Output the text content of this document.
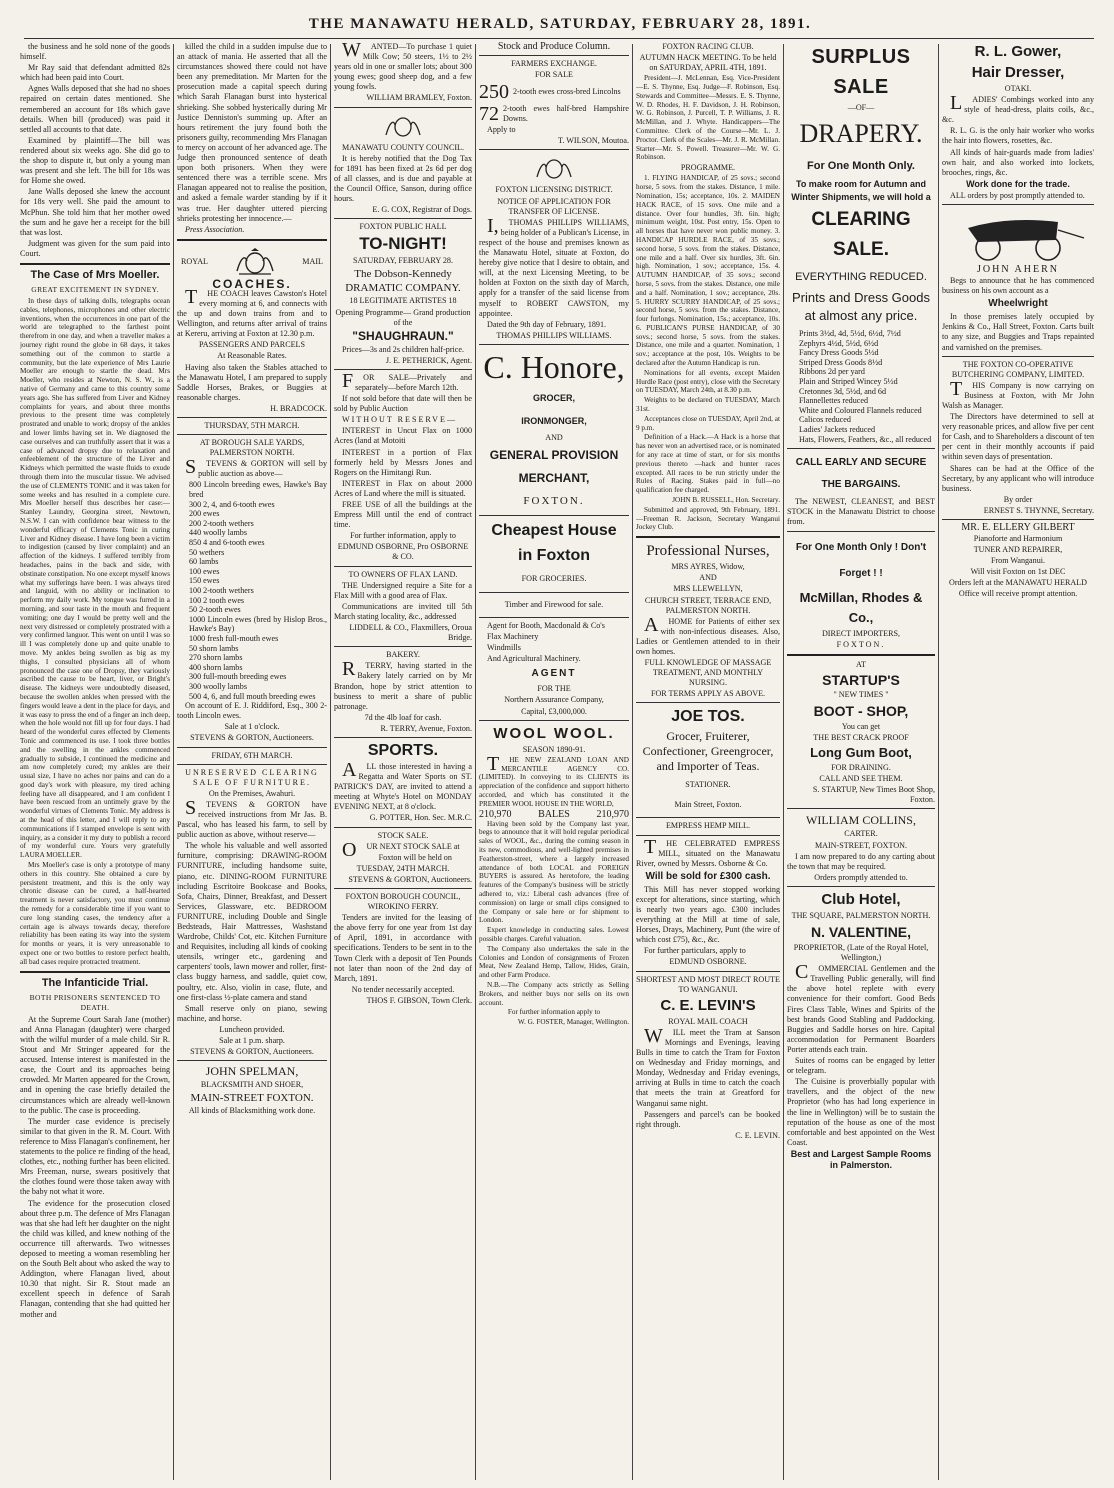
THE MANAWATU HERALD, SATURDAY, FEBRUARY 28, 1891.

the business and he sold none of the goods himself.

Mr Ray said that defendant admitted 82s which had been paid into Court.

Agnes Walls deposed that she had no shoes repaired on certain dates mentioned. She remembered an account for 18s which gave details. When bill (produced) was paid it settled all accounts to that date.

Examined by plaintiff—The bill was rendered about six weeks ago. She did go to the shop to dispute it, but only a young man was present and she left. The bill for 18s was for Home she owed.

Jane Walls deposed she knew the account for 18s very well. She paid the amount to McPhun. She told him that her mother owed the sum and he gave her a receipt for the bill that was lost.

Judgment was given for the sum paid into Court.

The Case of Mrs Moeller.
GREAT EXCITEMENT IN SYDNEY.

In these days of talking dolls, telegraphs ocean cables, telephones, microphones and other electric inventions, when the occurrences in one part of the world are telegraphed to the farthest point therefrom in one day, and when a traveller makes a journey right round the globe in 68 days, it takes something out of the common to startle a community, but the late experience of Mrs Laurie Moeller are enough to startle the dead. Mrs Moeller, who resides at Newton, N. S. W., is a native of Germany and came to this country some years ago. She has suffered from Liver and Kidney complaints for years, and about three months previous to the present time was completely prostrated and unable to work; dropsy of the ankles and lower limbs having set in. We diagnosed the case ourselves and can truthfully assert that it was a case of advanced dropsy due to relaxation and enfeeblement of the structure of the Liver and Kidneys which permitted the waste fluids to exude through them into the muscular tissue. We advised the use of CLEMENTS TONIC and it was taken for some weeks and has resulted in a complete cure. Mrs Moeller herself thus describes her case:— Stanley Laundry, Georgina street, Newtown, N.S.W. I can with confidence bear witness to the wonderful efficacy of Clements Tonic in curing Liver and Kidney disease. I have long been a victim to indigestion (caused by liver complaint) and an affection of the kidneys. I suffered terribly from headaches, pains in the back and side, with obstinate constipation. No one except myself knows what my sufferings have been. I was always tired and languid, with no ability or inclination to perform my daily work. My tongue was furred in a morning, and sour taste in the mouth and frequent vomiting; one day I would be pretty well and the next very distressed or completely prostrated with a very confirmed languor. This went on until I was so ill I was completely done up and quite unable to move. My ankles being swollen as big as my thighs, I consulted physicians all of whom pronounced the case one of Dropsy, they variously ascribed the cause to be heart, liver, or Bright's disease. The kidneys were undoubtedly diseased, because the swollen ankles when pressed with the fingers would leave a dent in the place for days, and it was easy to press the end of a finger an inch deep, when the hole would not fill up for four days. I had heard of the wonderful cures effected by Clements Tonic and commenced its use. I took three bottles and the swelling in the ankles commenced gradually to subside, I continued the medicine and am now completely cured; my ankles are their usual size, I have no aches nor pains and can do a good day's work with pleasure, my tired aching feeling have all disappeared, and I am confident I have been rescued from an untimely grave by the wonderful virtues of Clements Tonic. My address is at the head of this letter, and I will reply to any communications if I stamped envelope is sent with inquiry, as a consider it my duty to publish a record of my wonderful cure. Yours very gratefully LAURA MOELLER.

Mrs Moeller's case is only a prototype of many others in this country. She obtained a cure by persistent treatment, and this is the only way chronic disease can be cured, a half-hearted treatment is never satisfactory, you must continue the remedy for a considerable time if you want to cure long standing cases, the tendency after a certain age is always towards decay, therefore reliability has been eating its way into the system for months or years, it is very unreasonable to expect one or two bottles to restore perfect health, all bad cases require protracted treatment.

The Infanticide Trial.
BOTH PRISONERS SENTENCED TO DEATH.

At the Supreme Court Sarah Jane (mother) and Anna Flanagan (daughter) were charged with the wilful murder of a male child. Sir R. Stout and Mr Stringer appeared for the accused. Intense interest is manifested in the case, the Court and its approaches being crowded. Mr Marten appeared for the Crown, and in opening the case briefly detailed the circumstances which are already well-known to the public. The case is proceeding.

The murder case evidence is precisely similar to that given in the R. M. Court. With reference to Miss Flanagan's confinement, her statements to the police re finding of the head, clothes, etc., nothing further has been elicited. Mrs Freeman, nurse, swears positively that the clothes found were those taken away with the baby not what it wore.

The evidence for the prosecution closed about three p.m. The defence of Mrs Flanagan was that she had left her daughter on the night the child was killed, and knew nothing of the occurrence till afterwards. Two witnesses deposed to meeting a woman resembling her on the South Belt about who asked the way to Addington, where Flanagan lived, about 10.30 that night. Sir R. Stout made an excellent speech in defence of Sarah Flanagan, contending that she had quitted her mother and

killed the child in a sudden impulse due to an attack of mania. He asserted that all the circumstances showed there could not have been any premeditation. Mr Marten for the prosecution made a capital speech during which Sarah Flanagan burst into hysterical shrieking. She sobbed hysterically during Mr Justice Denniston's summing up. After an hours retirement the jury found both the prisoners guilty, recommending Mrs Flanagan to mercy on account of her advanced age. The Judge then pronounced sentence of death upon both prisoners. When they were sentenced there was a terrible scene. Mrs Flanagan appeared not to realise the position, and asked a female warder standing by if it was true. Her daughter uttered piercing shrieks protesting her innocence.—

Press Association.

ROYAL	MAIL
COACHES.

THE COACH leaves Cawston's Hotel every morning at 6, and connects with the up and down trains from and to Wellington, and returns after arrival of trains at Kereru, arriving at Foxton at 12.30 p.m.

PASSENGERS AND PARCELS

At Reasonable Rates.

Having also taken the Stables attached to the Manawatu Hotel, I am prepared to supply Saddle Horses, Brakes, or Buggies at reasonable charges.

H. BRADCOCK.

THURSDAY, 5TH MARCH.

AT BOROUGH SALE YARDS, PALMERSTON NORTH.

STEVENS & GORTON will sell by public auction as above—

800 Lincoln breeding ewes, Hawke's Bay bred
300 2, 4, and 6-tooth ewes
200 ewes
200 2-tooth wethers
440 woolly lambs
850 4 and 6-tooth ewes
50 wethers
60 lambs
100 ewes
150 ewes
100 2-tooth wethers
100 2 tooth ewes
50 2-tooth ewes
1000 Lincoln ewes (bred by Hislop Bros., Hawke's Bay)
1000 fresh full-mouth ewes
50 shorn lambs
270 shorn lambs
400 shorn lambs
300 full-mouth breeding ewes
300 woolly lambs
500 4, 6, and full mouth breeding ewes

On account of E. J. Riddiford, Esq., 300 2-tooth Lincoln ewes.

Sale at 1 o'clock.

STEVENS & GORTON, Auctioneers.

FRIDAY, 6TH MARCH.

UNRESERVED CLEARING SALE OF FURNITURE.

On the Premises, Awahuri.

STEVENS & GORTON have received instructions from Mr Jas. B. Pascal, who has leased his farm, to sell by public auction as above, without reserve—

The whole his valuable and well assorted furniture, comprising: DRAWING-ROOM FURNITURE, including handsome suite, piano, etc. DINING-ROOM FURNITURE including Escritoire Bookcase and Books, Sofa, Chairs, Dinner, Breakfast, and Dessert Services, Glassware, etc. BEDROOM FURNITURE, including Double and Single Bedsteads, Hair Mattresses, Washstand Wardrobe, Childs' Cot, etc. Kitchen Furniture and Requisites, including all kinds of cooking utensils, wringer etc., gardening and carpenters' tools, lawn mower and roller, first-class buggy harness, and saddle, quiet cow, poultry, etc. Also, violin in case, flute, and one first-class ½-plate camera and stand

Small reserve only on piano, sewing machine, and horse.

Luncheon provided.

Sale at 1 p.m. sharp.

STEVENS & GORTON, Auctioneers.

JOHN SPELMAN,

BLACKSMITH AND SHOER,

MAIN-STREET FOXTON.

All kinds of Blacksmithing work done.

WANTED—To purchase 1 quiet Milk Cow; 50 steers, 1½ to 2½ years old in one or smaller lots; about 300 young ewes; good sheep dog, and a few young fowls.

WILLIAM BRAMLEY, Foxton.

MANAWATU COUNTY COUNCIL.

It is hereby notified that the Dog Tax for 1891 has been fixed at 2s 6d per dog of all classes, and is due and payable at the Council Office, Sanson, during office hours.

E. G. COX, Registrar of Dogs.

FOXTON PUBLIC HALL

TO-NIGHT!

SATURDAY, FEBRUARY 28.

The Dobson-Kennedy DRAMATIC COMPANY.

18 LEGITIMATE ARTISTES 18

Opening Programme— Grand production of the

"SHAUGHRAUN."

Prices—3s and 2s children half-price.

J. E. PETHERICK, Agent.

FOR SALE—Privately and separately—before March 12th.

If not sold before that date will then be sold by Public Auction

WITHOUT RESERVE—

INTEREST in Uncut Flax on 1000 Acres (land at Motoiti

INTEREST in a portion of Flax formerly held by Messrs Jones and Rogers on the Himitangi Run.

INTEREST in Flax on about 2000 Acres of Land where the mill is situated.

FREE USE of all the buildings at the Empress Mill until the end of contract time.

For further information, apply to

EDMUND OSBORNE, Pro OSBORNE & CO.

TO OWNERS OF FLAX LAND.

THE Undersigned require a Site for a Flax Mill with a good area of Flax.

Communications are invited till 5th March stating locality, &c., addressed

LIDDELL & CO., Flaxmillers, Oroua Bridge.

BAKERY.

RTERRY, having started in the Bakery lately carried on by Mr Brandon, hope by strict attention to business to merit a share of public patronage.

7d the 4lb loaf for cash.

R. TERRY, Avenue, Foxton.

SPORTS.

ALL those interested in having a Regatta and Water Sports on ST. PATRICK'S DAY, are invited to attend a meeting at Whyte's Hotel on MONDAY EVENING NEXT, at 8 o'clock.

G. POTTER, Hon. Sec. M.R.C.

STOCK SALE.

OUR NEXT STOCK SALE at

Foxton will be held on

TUESDAY, 24TH MARCH.

STEVENS & GORTON, Auctioneers.

FOXTON BOROUGH COUNCIL, WIROKINO FERRY.

Tenders are invited for the leasing of the above ferry for one year from 1st day of April, 1891, in accordance with specifications. Tenders to be sent in to the Town Clerk with a deposit of Ten Pounds not later than noon of the 2nd day of March, 1891.

No tender necessarily accepted.

THOS F. GIBSON, Town Clerk.

Stock and Produce Column.

FARMERS EXCHANGE.

FOR SALE

250 2-tooth ewes cross-bred Lincolns
72 2-tooth ewes half-bred Hampshire Downs.

Apply to

T. WILSON, Moutoa.

FOXTON LICENSING DISTRICT.

NOTICE OF APPLICATION FOR TRANSFER OF LICENSE.

I,THOMAS PHILLIPS WILLIAMS, being holder of a Publican's License, in respect of the house and premises known as the Manawatu Hotel, situate at Foxton, do hereby give notice that I desire to obtain, and will, at the next Licensing Meeting, to be holden at Foxton on the sixth day of March, apply for a transfer of the said license from myself to ROBERT CAWSTON, my appointee.

Dated the 9th day of February, 1891.

THOMAS PHILLIPS WILLIAMS.

C. Honore,

GROCER,

IRONMONGER,

AND

GENERAL PROVISION

MERCHANT,

FOXTON.

Cheapest House

in Foxton

FOR GROCERIES.

Timber and Firewood for sale.

Agent for Booth, Macdonald & Co's

Flax Machinery

Windmills

And Agricultural Machinery.

AGENT

FOR THE

Northern Assurance Company,

Capital, £3,000,000.

WOOL WOOL.

SEASON 1890-91.

THE NEW ZEALAND LOAN AND MERCANTILE AGENCY CO. (LIMITED). In conveying to its CLIENTS its appreciation of the confidence and support hitherto accorded, and which has constituted it the PREMIER WOOL HOUSE IN THE WORLD,

210,970	BALES	210,970

Having been sold by the Company last year, begs to announce that it will hold regular periodical sales of WOOL, &c., during the coming season in its new, commodious, and well-lighted premises in Featherston-street, where a largely increased attendance of both LOCAL and FOREIGN BUYERS is assured. As heretofore, the leading features of the Company's business will be strictly adhered to, viz.: Liberal cash advances (free of commission) on large or small clips consigned to the Company or sale here or for shipment to London.

Expert knowledge in conducting sales. Lowest possible charges. Careful valuation.

The Company also undertakes the sale in the Colonies and London of consignments of Frozen Meat, New Zealand Hemp, Tallow, Hides, Grain, and other Farm Produce.

N.B.—The Company acts strictly as Selling Brokers, and neither buys nor sells on its own account.

For further information apply to

W. G. FOSTER, Manager, Wellington.

FOXTON RACING CLUB.

AUTUMN HACK MEETING. To be held on SATURDAY, APRIL 4TH, 1891.

President—J. McLennan, Esq. Vice-President—E. S. Thynne, Esq. Judge—F. Robinson, Esq. Stewards and Committee—Messrs. E. S. Thynne, W. D. Rhodes, H. F. Davidson, J. H. Robinson, W. G. Robinson, J. Purcell, T. P. Williams, J. R. McMillan, and J. Whyte. Handicappers—The Committee. Clerk of the Course—Mr. L. J. Proctor. Clerk of the Scales—Mr. J. R. McMillan. Starter—Mr. S. Powell. Treasurer—Mr. W. G. Robinson.

PROGRAMME.

1. FLYING HANDICAP, of 25 sovs.; second horse, 5 sovs. from the stakes. Distance, 1 mile. Nomination, 15s; acceptance, 10s. 2. MAIDEN HACK RACE, of 15 sovs. One mile and a distance. Over four hundles, 3ft. 6in. high; minimum weight, 10st. Post entry, 15s. Open to all horses that have never won public money. 3. HANDICAP HURDLE RACE, of 35 sovs.; second horse, 5 sovs. from the stakes. Distance, one mile and a half. Over six hurdles, 3ft. 6in. high. Nomination, 1 sov.; acceptance, 15s. 4. AUTUMN HANDICAP, of 35 sovs.; second horse, 5 sovs. from the stakes. Distance, one mile and a half. Nomination, 1 sov.; acceptance, 20s. 5. HURRY SCURRY HANDICAP, of 25 sovs.; second horse, 5 sovs. from the stakes. Distance, four furlongs. Nomination, 15s.; acceptance, 10s. 6. PUBLICAN'S PURSE HANDICAP, of 30 sovs.; second horse, 5 sovs. from the stakes. Distance, one mile and a quarter. Nomination, 1 sov.; acceptance at the post, 10s. Weights to be declared after the Autumn Handicap is run.

Nominations for all events, except Maiden Hurdle Race (post entry), close with the Secretary on TUESDAY, March 24th, at 8.30 p.m.

Weights to be declared on TUESDAY, March 31st.

Acceptances close on TUESDAY, April 2nd, at 9 p.m.

Definition of a Hack.—A Hack is a horse that has never won an advertised race, or is nominated for any race at time of start, or for six months previous thereto —hack and hunter races excepted. All races to be run strictly under the Rules of Racing. Stakes paid in full—no qualification fee charged.

JOHN B. RUSSELL, Hon. Secretary.

Submitted and approved, 9th February, 1891.—Freeman R. Jackson, Secretary Wanganui Jockey Club.

Professional Nurses,

MRS AYRES, Widow,

AND

MRS LLEWELLYN,

CHURCH STREET, TERRACE END, PALMERSTON NORTH.

AHOME for Patients of either sex with non-infectious diseases. Also, Ladies or Gentlemen attended to in their own homes.

FULL KNOWLEDGE OF MASSAGE TREATMENT, AND MONTHLY NURSING.

FOR TERMS APPLY AS ABOVE.

JOE TOS.

Grocer, Fruiterer, Confectioner, Greengrocer, and Importer of Teas.

STATIONER.

Main Street, Foxton.

EMPRESS HEMP MILL.

THE CELEBRATED EMPRESS MILL, situated on the Manawatu River, owned by Messrs. Osborne & Co.

Will be sold for £300 cash.

This Mill has never stopped working except for alterations, since starting, which is nearly two years ago. £300 includes everything at the Mill at time of sale, Horses, Drays, Machinery, Punt (the wire of which cost £75), &c., &c.

For further particulars, apply to

EDMUND OSBORNE.

SHORTEST AND MOST DIRECT ROUTE TO WANGANUI.

C. E. LEVIN'S

ROYAL MAIL COACH

WILL meet the Tram at Sanson Mornings and Evenings, leaving Bulls in time to catch the Tram for Foxton on Wednesday and Friday mornings, and Monday, Wednesday and Friday evenings, arriving at Bulls in time to catch the coach that meets the train at Greatford for Wanganui same night.

Passengers and parcel's can be booked right through.

C. E. LEVIN.

SURPLUS SALE

—OF—

DRAPERY.

For One Month Only.

To make room for Autumn and Winter Shipments, we will hold a

CLEARING SALE.

EVERYTHING REDUCED.

Prints and Dress Goods at almost any price.

Prints 3½d, 4d, 5½d, 6½d, 7½d
Zephyrs 4½d, 5½d, 6½d
Fancy Dress Goods 5½d
Striped Dress Goods 8½d
Ribbons 2d per yard
Plain and Striped Wincey 5½d
Cretonnes 3d, 5½d, and 6d
Flannellettes reduced
White and Coloured Flannels reduced
Calicos reduced
Ladies' Jackets reduced
Hats, Flowers, Feathers, &c., all reduced

CALL EARLY AND SECURE THE BARGAINS.

The NEWEST, CLEANEST, and BEST STOCK in the Manawatu District to choose from.

For One Month Only ! Don't Forget ! !

McMillan, Rhodes & Co.,

DIRECT IMPORTERS,

FOXTON.

AT

STARTUP'S

" NEW TIMES "

BOOT - SHOP,

You can get

THE BEST CRACK PROOF

Long Gum Boot,

FOR DRAINING.

CALL AND SEE THEM.

S. STARTUP, New Times Boot Shop, Foxton.

WILLIAM COLLINS,

CARTER.

MAIN-STREET, FOXTON.

I am now prepared to do any carting about the town that may be required.

Orders promptly attended to.

Club Hotel,

THE SQUARE, PALMERSTON NORTH.

N. VALENTINE,

PROPRIETOR, (Late of the Royal Hotel, Wellington,)

COMMERCIAL Gentlemen and the Travelling Public generally, will find the above hotel replete with every convenience for their comfort. Good Beds Fires Class Table, Wines and Spirits of the best brands Good Stabling and Paddocking. Buggies and Saddle horses on hire. Capital accommodation for Permanent Boarders Porter attends each train.

Suites of rooms can be engaged by letter or telegram.

The Cuisine is proverbially popular with travellers, and the object of the new Proprietor (who has had long experience in the line in Wellington) will be to sustain the reputation of the house as one of the most comfortable and best appointed on the West Coast.

Best and Largest Sample Rooms in Palmerston.

R. L. Gower,

Hair Dresser,

OTAKI.

LADIES' Combings worked into any style of head-dress, plaits coils, &c., &c.

R. L. G. is the only hair worker who works the hair into flowers, rosettes, &c.

All kinds of hair-guards made from ladies' own hair, and also worked into lockets, brooches, rings, &c.

Work done for the trade.

ALL orders by post promptly attended to.

JOHN AHERN

Begs to announce that he has commenced business on his own account as a

Wheelwright

In those premises lately occupied by Jenkins & Co., Hall Street, Foxton. Carts built to any size, and Buggies and Traps repainted and varnished on the premises.

THE FOXTON CO-OPERATIVE BUTCHERING COMPANY, LIMITED.

THIS Company is now carrying on Business at Foxton, with Mr John Walsh as Manager.

The Directors have determined to sell at very reasonable prices, and allow five per cent for Cash, and to Shareholders a discount of ten per cent in their monthly accounts if paid within seven days of presentation.

Shares can be had at the Office of the Secretary, by any applicant who will introduce business.

By order

ERNEST S. THYNNE, Secretary.

MR. E. ELLERY GILBERT

Pianoforte and Harmonium

TUNER AND REPAIRER,

From Wanganui.

Will visit Foxton on 1st DEC

Orders left at the MANAWATU HERALD Office will receive prompt attention.
